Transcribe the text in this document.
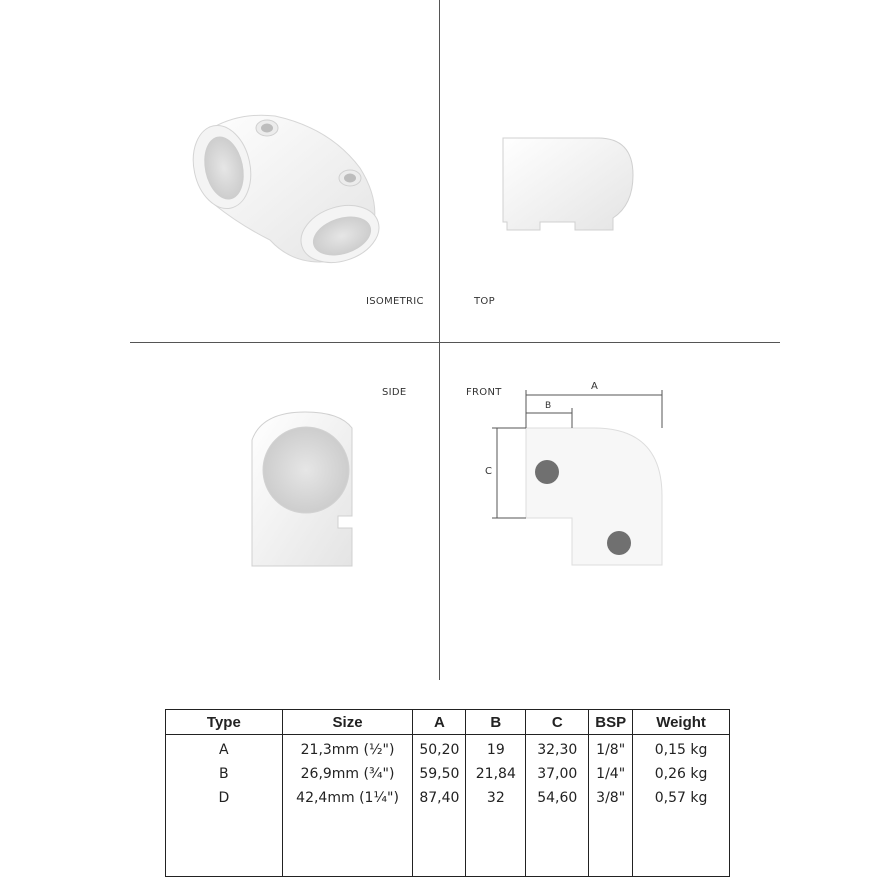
ISOMETRIC	TOP
SIDE	FRONT
A
B
C
Type	Size	A	B	C	BSP	Weight
A	21,3mm (½")	50,20	19	32,30	1/8"	0,15 kg
B	26,9mm (¾")	59,50	21,84	37,00	1/4"	0,26 kg
D	42,4mm (1¼")	87,40	32	54,60	3/8"	0,57 kg
